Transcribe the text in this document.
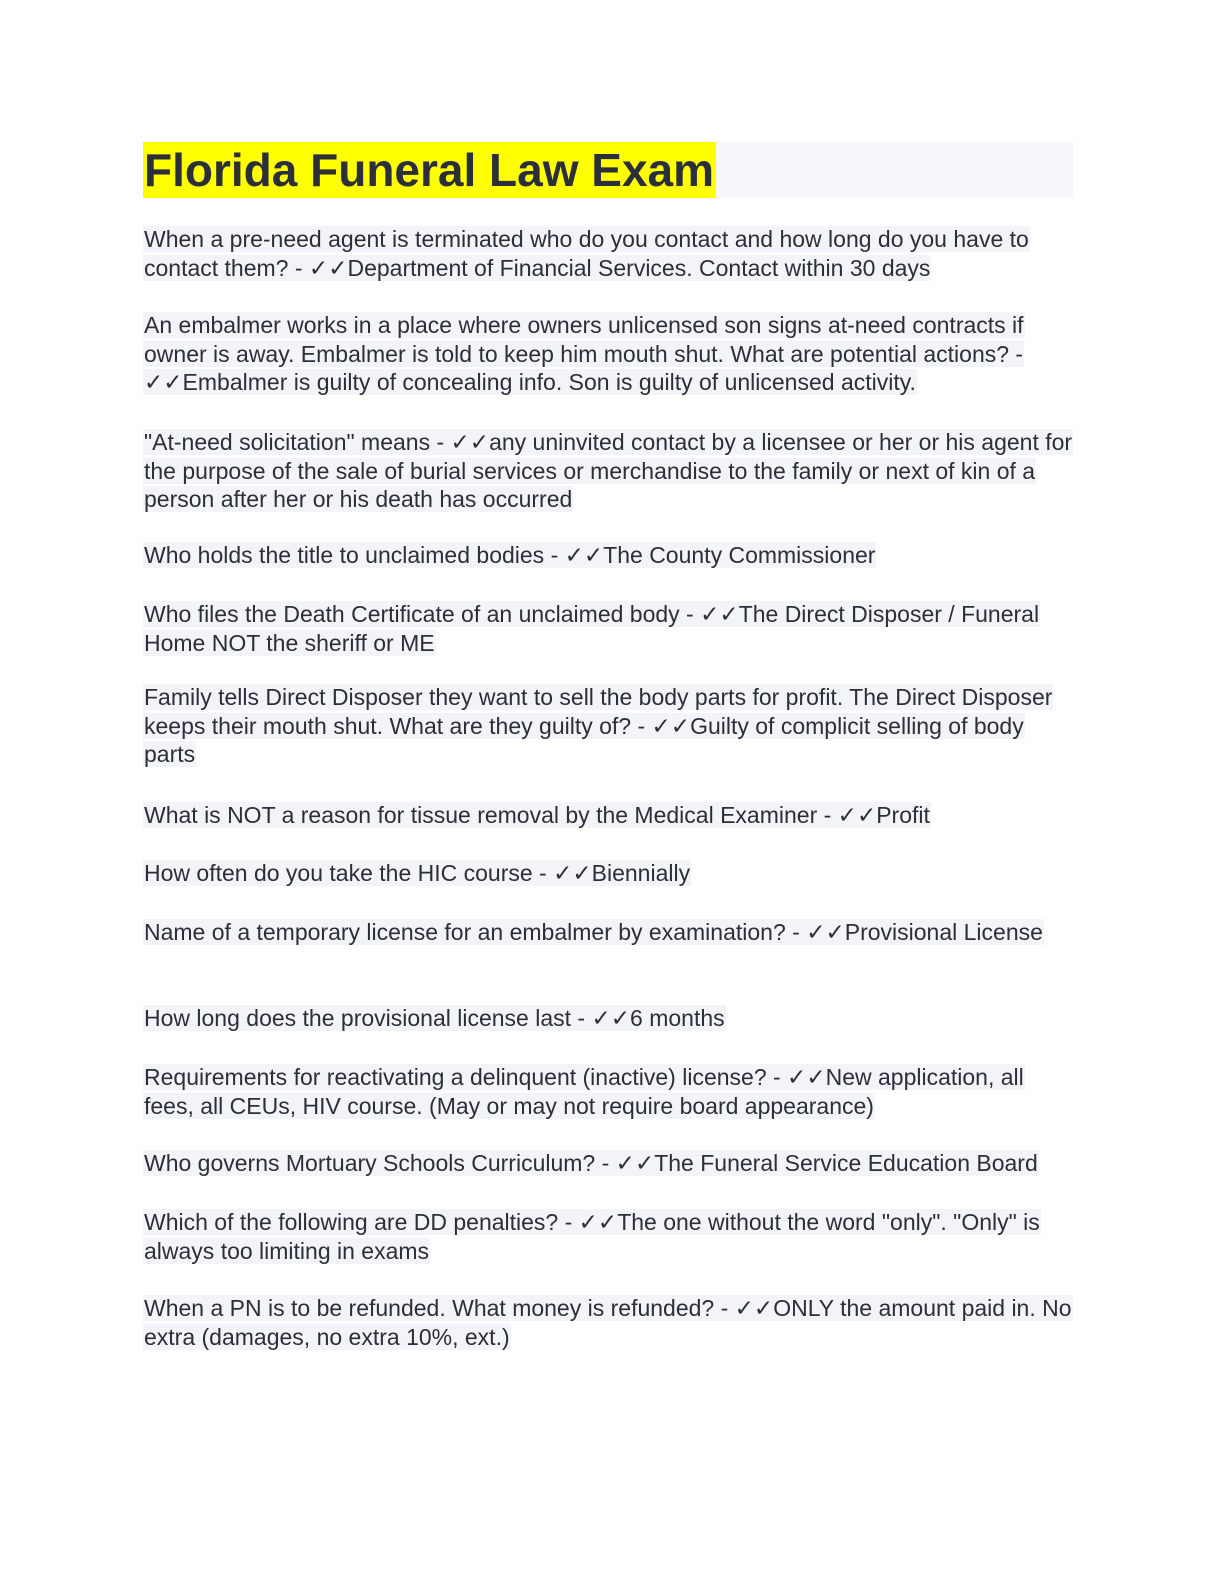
Florida Funeral Law Exam

When a pre-need agent is terminated who do you contact and how long do you have to contact them? - ✓✓Department of Financial Services. Contact within 30 days

An embalmer works in a place where owners unlicensed son signs at-need contracts if owner is away. Embalmer is told to keep him mouth shut. What are potential actions? - ✓✓Embalmer is guilty of concealing info. Son is guilty of unlicensed activity.

"At-need solicitation" means - ✓✓any uninvited contact by a licensee or her or his agent for the purpose of the sale of burial services or merchandise to the family or next of kin of a person after her or his death has occurred

Who holds the title to unclaimed bodies - ✓✓The County Commissioner

Who files the Death Certificate of an unclaimed body - ✓✓The Direct Disposer / Funeral Home NOT the sheriff or ME

Family tells Direct Disposer they want to sell the body parts for profit. The Direct Disposer keeps their mouth shut. What are they guilty of? - ✓✓Guilty of complicit selling of body parts

What is NOT a reason for tissue removal by the Medical Examiner - ✓✓Profit

How often do you take the HIC course - ✓✓Biennially

Name of a temporary license for an embalmer by examination? - ✓✓Provisional License

How long does the provisional license last - ✓✓6 months

Requirements for reactivating a delinquent (inactive) license? - ✓✓New application, all fees, all CEUs, HIV course. (May or may not require board appearance)

Who governs Mortuary Schools Curriculum? - ✓✓The Funeral Service Education Board

Which of the following are DD penalties? - ✓✓The one without the word "only". "Only" is always too limiting in exams

When a PN is to be refunded. What money is refunded? - ✓✓ONLY the amount paid in. No extra (damages, no extra 10%, ext.)
